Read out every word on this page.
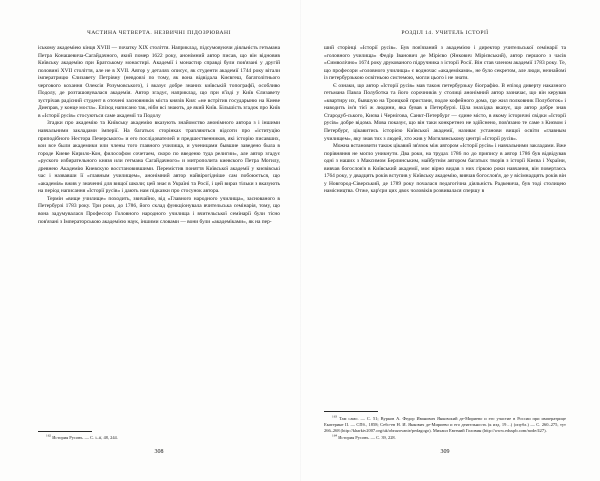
ЧАСТИНА ЧЕТВЕРТА. НЕЗВИЧНІ ПІДОЗРЮВАНІ

іському академіею кінця XVIII — початку XIX століття. Наприклад, підсумовуючи діяльність гетьмана Петра Конашевича-Сагайдачного, який помер 1622 року, анонімний автор писав, що він відновив Київську академію при Братському монастирі. Академії і монастир справді були пов'язані у другій половині XVII століття, але не в XVII. Автор у деталях описує, як студенти академії 1744 року вітали імператрицю Єлизавету Петрівну (невдовзі по тому, як вона відвідала Києвгеш, багатолітнього чергового кохання Олексія Розумовського), і вказує добре знаних київській топографії, особливо Подолу, де розташовувалася академія. Автор згадує, наприклад, що при в'їзді у Київ Єлизавету зустрічав радісний студент в оточені засновників міста князів Кия: «не встрітив государыню на Киеве Диеправ, у конце моста». Епізод написано так, ніби всі знають, де який Київ. Більшість згадок про Київ в «Історії русів» стосуються саме академії та Подолу

Згадки про академію та Київську академію вказують знайомство анонімного автора з і іншими навчальними закладами імперії. На багатьох сторінках трапляються відсоти про «іституцію приподібного Нестора Печерського» и его послідователей и предшественников, які історію писавших, кои все были академики или члены того главного училища, и ученицами бывшие заведено была в городе Киеве Кирило-Кон, философом сочетаем, скоро по введеню туда религии», але автор згадує «руского избирательного князя или гетмана Сагайдачного» и митрополита киевского Петра Могилу, древнею Академію Киевскую восстановившими. Перемістив поняття Київської академії у києвівські час і назвавши її «главным училищем», анонімний автор найвірогідніше сам побоюється, що «академія» вжив у значенні для вищої школи; цей знає в Україні та Росії, і цей вираз тільки з вказують на період написання «Історії русів» і дають нам підказки про стосунок автора.

Термін «вище училище» походить, звичайно, від «Главного народного училища», заснованого в Петербурзі 1783 року. Три роки, до 1786, його склад функціонувала вчительська семінарія, тому, що вона задумувалася Профессор Головного народного училища і вчительської семінарії були тісно пов'язані з Імператорською академією наук, іншими словами — вони були «академіками», як на пер-

$^{162}$ История Русовъ. — С. і–ії, 48, 244.

308
РОЗДІЛ 14. УЧИТЕЛЬ ІСТОРІЇ

ший сторінці «Історії русів». Був пов'язаний з академією і директор учительської семінарії та «головного училища» Федір Іванович де Мірієво (Янкович Мірієвський), автор першого з часів «Символічно» 1674 року друкованого підручника з історії Росії. Він став членом академії 1783 року. Те, що професори «головного училища» є водночас «академіками», не було секретом, але люди, незнайомі із петербурзькою освітньою системою, могли цього і не знати.

Є ознаки, що автор «Історії русів» мав також петербурзьку біографію. В епізод диверту наказного гетьмана Павла Полуботка та його сорочників у столиці анонімний автор зазначає, що він керував «квартиру их, бывшую на Троицкой пристани, подле кофейного дома, где жил полковник Полуботок» і наводить ім'я тієї ж людини, яка бував в Петербурзі. Ціла знахідка вказує, що автор добре знав Стародуб-ського, Києва і Чернігова, Санкт-Петербург — єдине місто, в якому історичні свідки «Історії русів» добре відома. Мова показує, що він таки конкретнез не здійснено, пов'язано те саме з Києвом і Петербург, цікавитись історією Київської академії, називає установи вищої освіти «главным училищем», яку знав тих з людей, хто жив у Могилянському центрі «Історії русів».

Можна встановити також цікавий зв'язок між автором «Історії русів» і навчальними закладами. Вже порівняння не могло уникнути. Два роки, на трудах 1786 по до припису в автор 1786 був відвідував одні з наших з Максимом Берлинським, майбутнім автором багатьох творів з історії Києва і України, вивчав богослов'я в Київський академії, моє вірно видав з них гіркою роки навчання, він повертаєсь 1764 року, у двадцять років вступив у Київську академію, вивчав богослов'я, де у вісімнадцять років він у Новгород-Сіверський, де 1789 року почалася педагогічна діяльність Радкевича, був тоді столицею намісництва. Отже, кар'єри цих двох чоловіків розвивалася спершу в

$^{163}$ Там само. — С. 51; Вурков А. Федор Иванович Янковский де-Мириево и его участие в России при императрице Екатерине II. — СПб., 1858; Себо-ев Н. И. Янкович де-Мириево и его деятельность (к изд. 19…) (опубл.) — С. 260–275, тут 266–268 (http://kharkiv2007.org/uk/obrazovanie/pedagogo). Михаил Евгений Головин (http://www.eduspb.com/node/427).

$^{164}$ История Русовъ. — С. 39, 228.

309
